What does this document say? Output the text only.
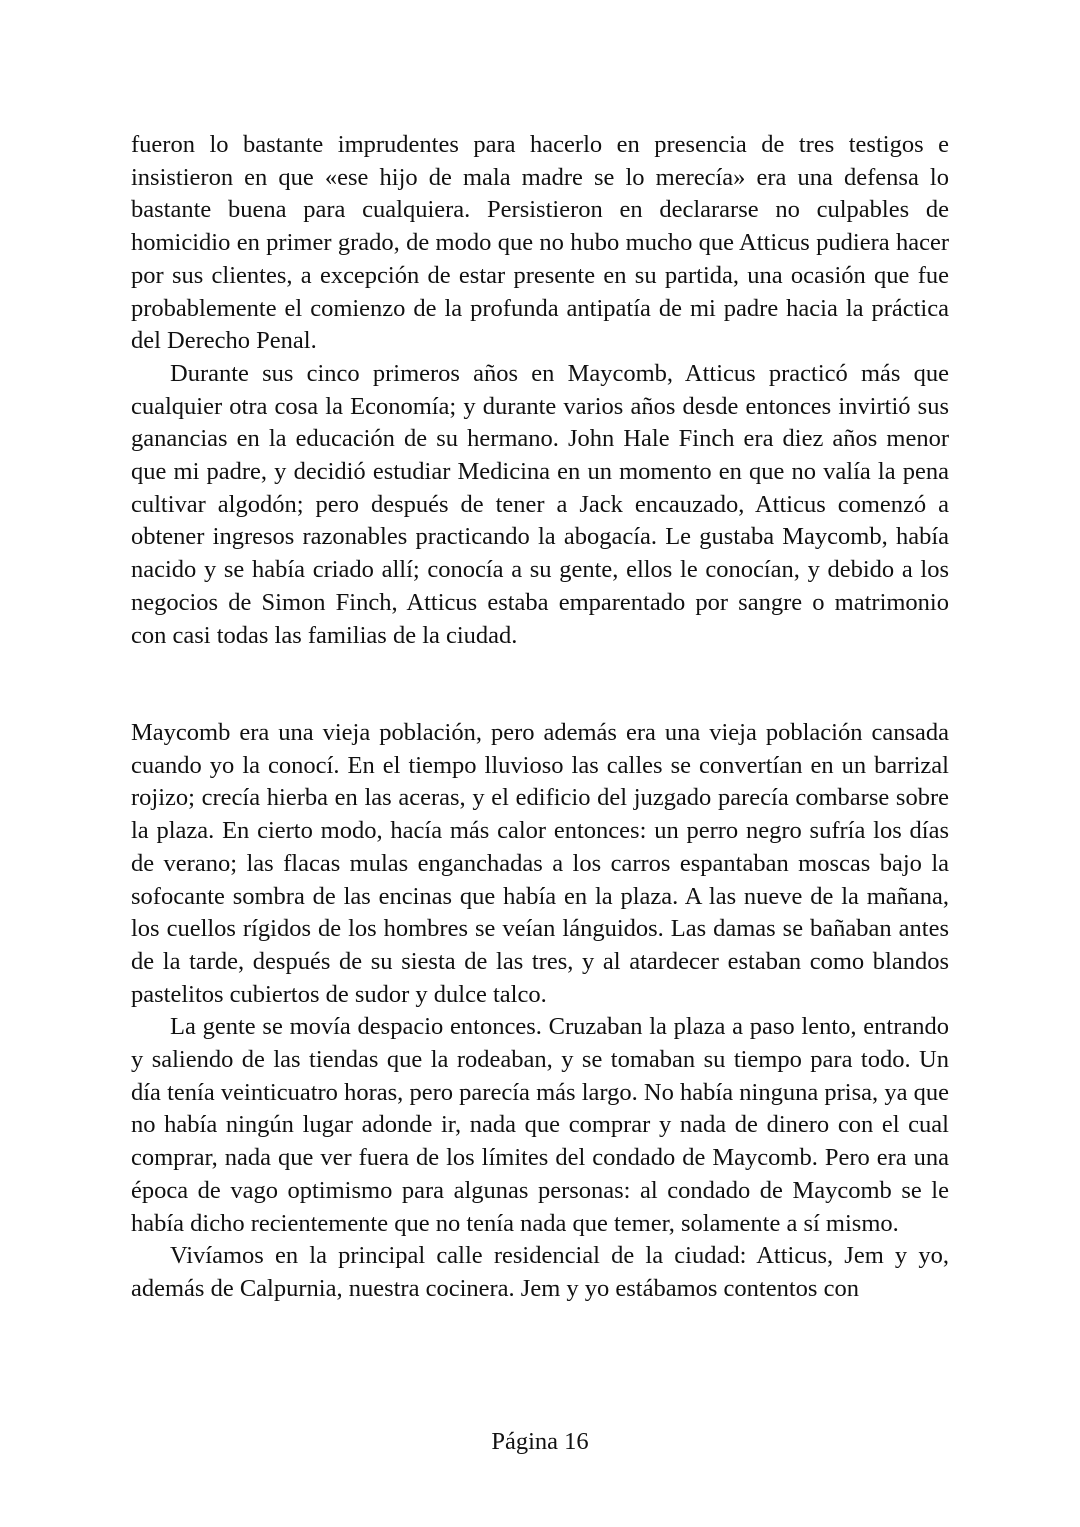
fueron lo bastante imprudentes para hacerlo en presencia de tres testigos e insistieron en que «ese hijo de mala madre se lo merecía» era una defensa lo bastante buena para cualquiera. Persistieron en declararse no culpables de homicidio en primer grado, de modo que no hubo mucho que Atticus pudiera hacer por sus clientes, a excepción de estar presente en su partida, una ocasión que fue probablemente el comienzo de la profunda antipatía de mi padre hacia la práctica del Derecho Penal.

Durante sus cinco primeros años en Maycomb, Atticus practicó más que cualquier otra cosa la Economía; y durante varios años desde entonces invirtió sus ganancias en la educación de su hermano. John Hale Finch era diez años menor que mi padre, y decidió estudiar Medicina en un momento en que no valía la pena cultivar algodón; pero después de tener a Jack encauzado, Atticus comenzó a obtener ingresos razonables practicando la abogacía. Le gustaba Maycomb, había nacido y se había criado allí; conocía a su gente, ellos le conocían, y debido a los negocios de Simon Finch, Atticus estaba emparentado por sangre o matrimonio con casi todas las familias de la ciudad.

Maycomb era una vieja población, pero además era una vieja población cansada cuando yo la conocí. En el tiempo lluvioso las calles se convertían en un barrizal rojizo; crecía hierba en las aceras, y el edificio del juzgado parecía combarse sobre la plaza. En cierto modo, hacía más calor entonces: un perro negro sufría los días de verano; las flacas mulas enganchadas a los carros espantaban moscas bajo la sofocante sombra de las encinas que había en la plaza. A las nueve de la mañana, los cuellos rígidos de los hombres se veían lánguidos. Las damas se bañaban antes de la tarde, después de su siesta de las tres, y al atardecer estaban como blandos pastelitos cubiertos de sudor y dulce talco.

La gente se movía despacio entonces. Cruzaban la plaza a paso lento, entrando y saliendo de las tiendas que la rodeaban, y se tomaban su tiempo para todo. Un día tenía veinticuatro horas, pero parecía más largo. No había ninguna prisa, ya que no había ningún lugar adonde ir, nada que comprar y nada de dinero con el cual comprar, nada que ver fuera de los límites del condado de Maycomb. Pero era una época de vago optimismo para algunas personas: al condado de Maycomb se le había dicho recientemente que no tenía nada que temer, solamente a sí mismo.

Vivíamos en la principal calle residencial de la ciudad: Atticus, Jem y yo, además de Calpurnia, nuestra cocinera. Jem y yo estábamos contentos con

Página 16
